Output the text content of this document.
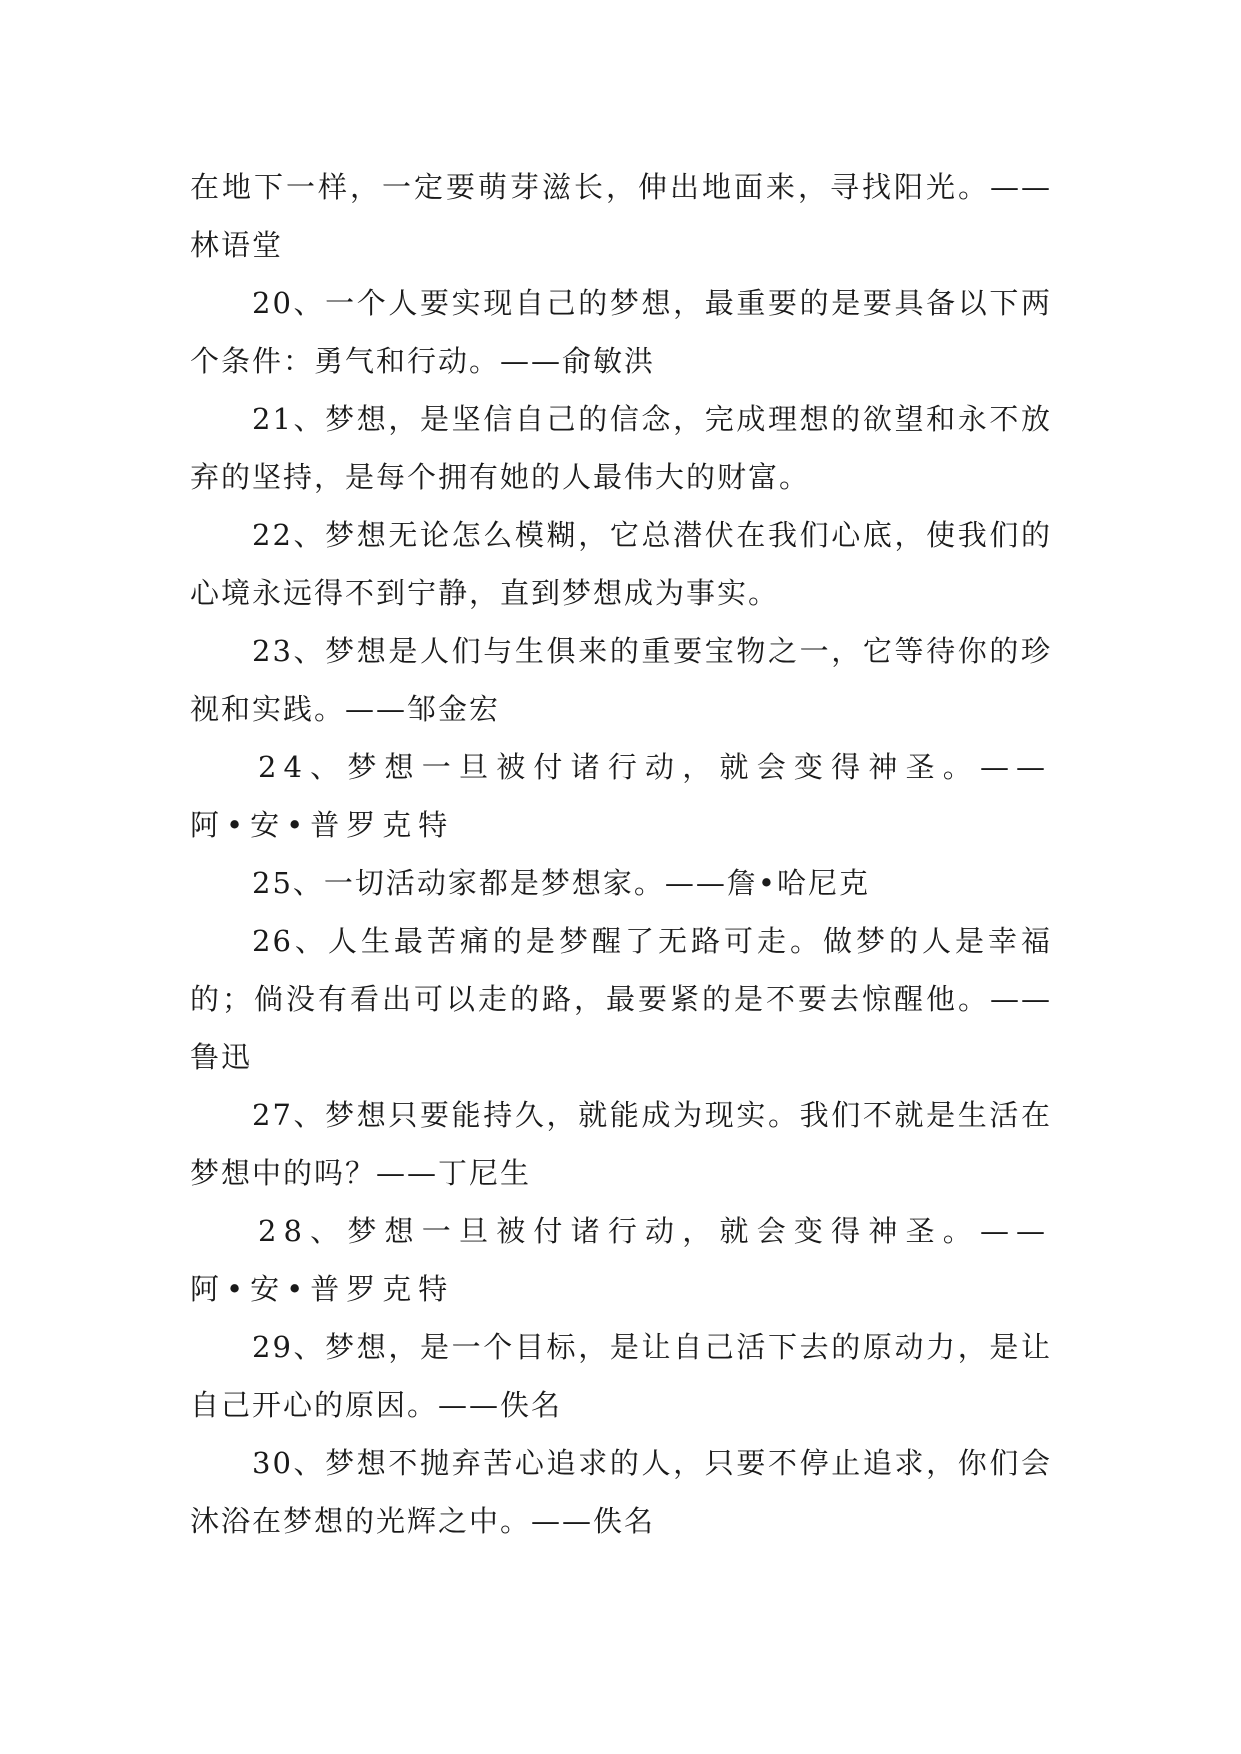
在地下一样，一定要萌芽滋长，伸出地面来，寻找阳光。——林语堂

20、一个人要实现自己的梦想，最重要的是要具备以下两个条件：勇气和行动。——俞敏洪

21、梦想，是坚信自己的信念，完成理想的欲望和永不放弃的坚持，是每个拥有她的人最伟大的财富。

22、梦想无论怎么模糊，它总潜伏在我们心底，使我们的心境永远得不到宁静，直到梦想成为事实。

23、梦想是人们与生俱来的重要宝物之一，它等待你的珍视和实践。——邹金宏

24、梦想一旦被付诸行动，就会变得神圣。——阿•安•普罗克特

25、一切活动家都是梦想家。——詹•哈尼克

26、人生最苦痛的是梦醒了无路可走。做梦的人是幸福的；倘没有看出可以走的路，最要紧的是不要去惊醒他。——鲁迅

27、梦想只要能持久，就能成为现实。我们不就是生活在梦想中的吗？——丁尼生

28、梦想一旦被付诸行动，就会变得神圣。——阿•安•普罗克特

29、梦想，是一个目标，是让自己活下去的原动力，是让自己开心的原因。——佚名

30、梦想不抛弃苦心追求的人，只要不停止追求，你们会沐浴在梦想的光辉之中。——佚名
